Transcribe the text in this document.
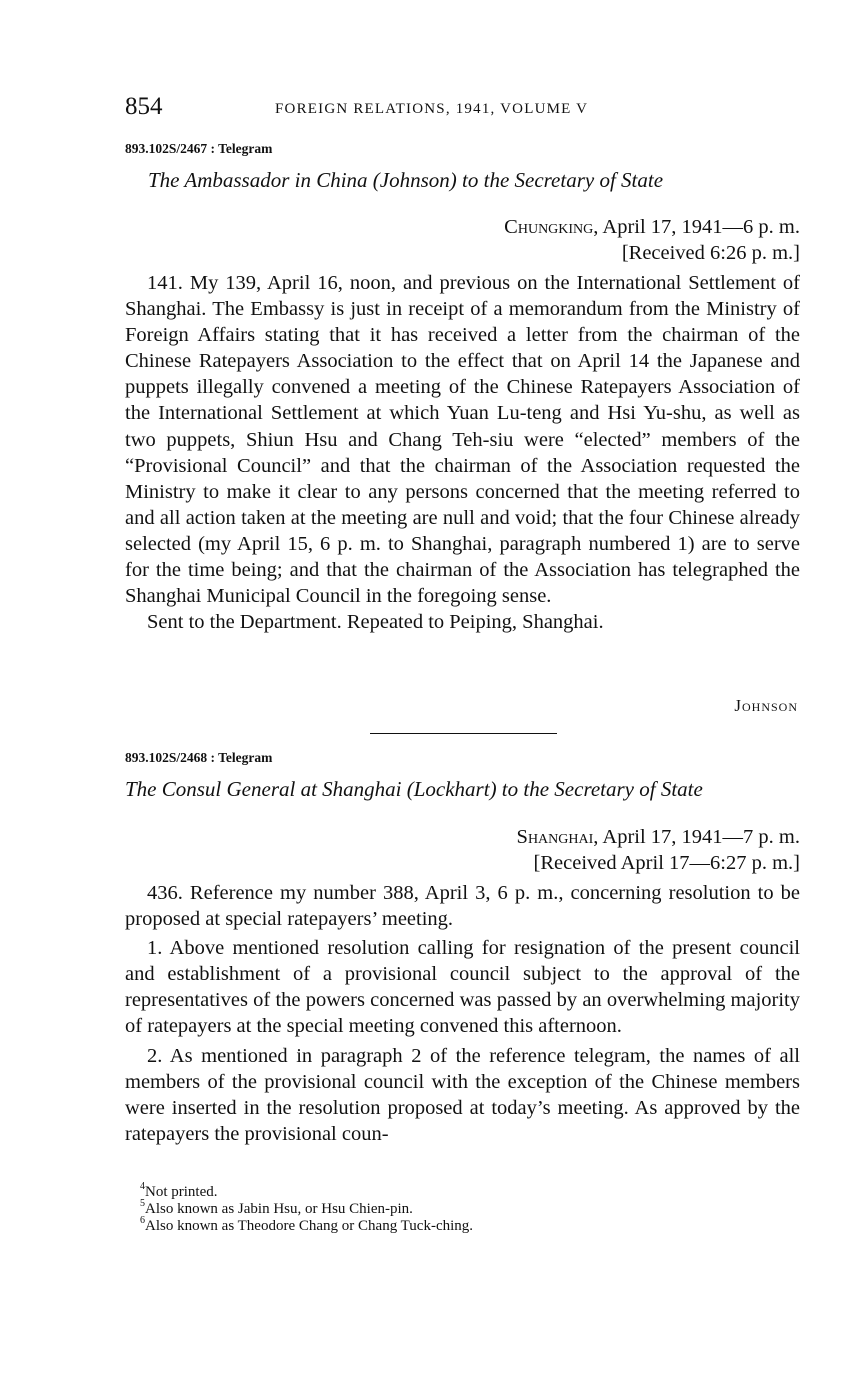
854	FOREIGN RELATIONS, 1941, VOLUME V
893.102S/2467 : Telegram
The Ambassador in China (Johnson) to the Secretary of State
Chungking, April 17, 1941—6 p. m.
[Received 6:26 p. m.]

141. My 139, April 16, noon, and previous on the International Settlement of Shanghai. The Embassy is just in receipt of a memorandum from the Ministry of Foreign Affairs stating that it has received a letter from the chairman of the Chinese Ratepayers Association to the effect that on April 14 the Japanese and puppets illegally convened a meeting of the Chinese Ratepayers Association of the International Settlement at which Yuan Lu-teng and Hsi Yu-shu, as well as two puppets, Shiun Hsu and Chang Teh-siu were “elected” members of the “Provisional Council” and that the chairman of the Association requested the Ministry to make it clear to any persons concerned that the meeting referred to and all action taken at the meeting are null and void; that the four Chinese already selected (my April 15, 6 p. m. to Shanghai, paragraph numbered 1) are to serve for the time being; and that the chairman of the Association has telegraphed the Shanghai Municipal Council in the foregoing sense.

Sent to the Department. Repeated to Peiping, Shanghai.

Johnson
893.102S/2468 : Telegram
The Consul General at Shanghai (Lockhart) to the Secretary of State
Shanghai, April 17, 1941—7 p. m.
[Received April 17—6:27 p. m.]

436. Reference my number 388, April 3, 6 p. m., concerning resolution to be proposed at special ratepayers’ meeting.

1. Above mentioned resolution calling for resignation of the present council and establishment of a provisional council subject to the approval of the representatives of the powers concerned was passed by an overwhelming majority of ratepayers at the special meeting convened this afternoon.

2. As mentioned in paragraph 2 of the reference telegram, the names of all members of the provisional council with the exception of the Chinese members were inserted in the resolution proposed at today’s meeting. As approved by the ratepayers the provisional coun-

$^4$Not printed.
$^5$Also known as Jabin Hsu, or Hsu Chien-pin.
$^6$Also known as Theodore Chang or Chang Tuck-ching.
